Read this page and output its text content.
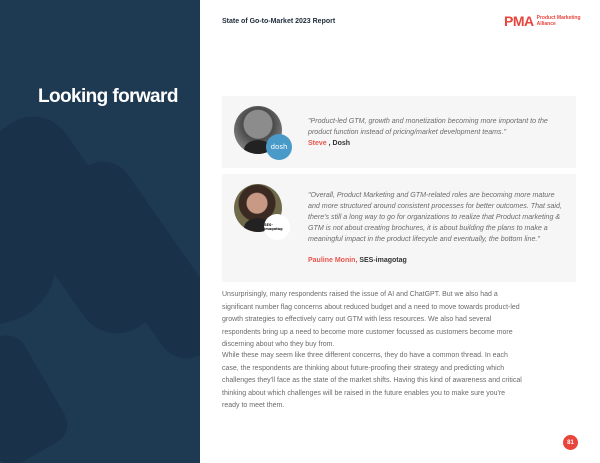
Looking forward
State of Go-to-Market 2023 Report	PMA Product Marketing
Alliance
dosh
"Product-led GTM, growth and monetization becoming more important to the product function instead of pricing/market development teams."
Steve , Dosh
SES-imagotag
"Overall, Product Marketing and GTM-related roles are becoming more mature and more structured around consistent processes for better outcomes. That said, there's still a long way to go for organizations to realize that Product marketing & GTM is not about creating brochures, it is about building the plans to make a meaningful impact in the product lifecycle and eventually, the bottom line."
Pauline Monin, SES-imagotag

Unsurprisingly, many respondents raised the issue of AI and ChatGPT. But we also had a significant number flag concerns about reduced budget and a need to move towards product-led growth strategies to effectively carry out GTM with less resources. We also had several respondents bring up a need to become more customer focussed as customers become more discerning about who they buy from.

While these may seem like three different concerns, they do have a common thread. In each case, the respondents are thinking about future-proofing their strategy and predicting which challenges they'll face as the state of the market shifts. Having this kind of awareness and critical thinking about which challenges will be raised in the future enables you to make sure you're ready to meet them.

81
